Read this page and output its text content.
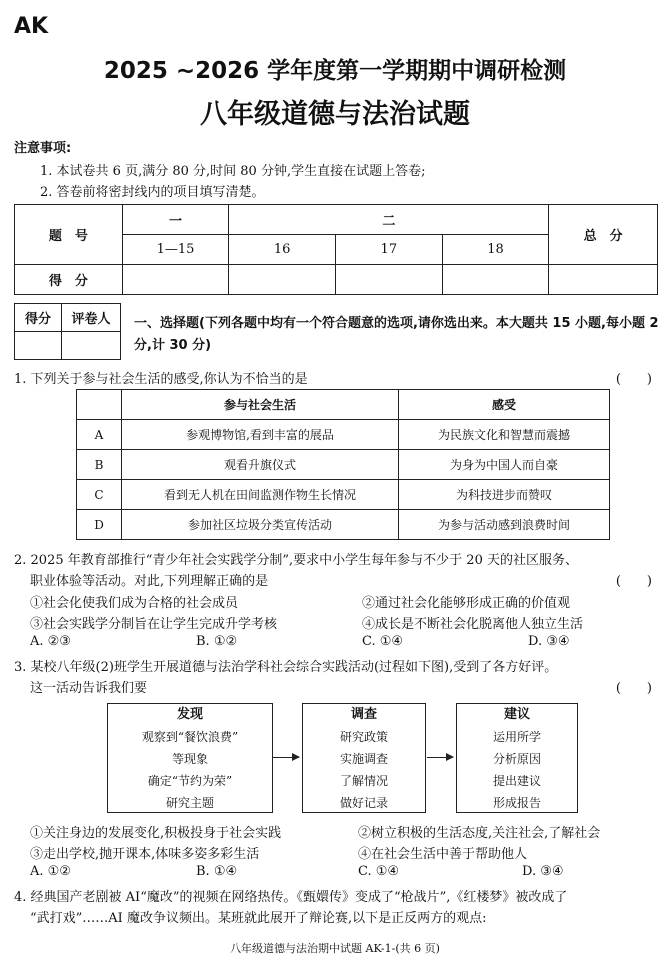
AK
2025 ~2026 学年度第一学期期中调研检测
八年级道德与法治试题
注意事项:
1. 本试卷共 6 页,满分 80 分,时间 80 分钟,学生直接在试题上答卷;
2. 答卷前将密封线内的项目填写清楚。
题　号	一	二			总　分
	1—15	16	17	18	
得　分					
得分	评卷人
	一、选择题(下列各题中均有一个符合题意的选项,请你选出来。本大题共 15 小题,每小题 2 分,计 30 分)
1. 下列关于参与社会生活的感受,你认为不恰当的是	(　　)
	参与社会生活	感受
A	参观博物馆,看到丰富的展品	为民族文化和智慧而震撼
B	观看升旗仪式	为身为中国人而自豪
C	看到无人机在田间监测作物生长情况	为科技进步而赞叹
D	参加社区垃圾分类宣传活动	为参与活动感到浪费时间
2. 2025 年教育部推行“青少年社会实践学分制”,要求中小学生每年参与不少于 20 天的社区服务、
职业体验等活动。对此,下列理解正确的是	(　　)
①社会化使我们成为合格的社会成员	②通过社会化能够形成正确的价值观
③社会实践学分制旨在让学生完成升学考核	④成长是不断社会化脱离他人独立生活
A. ②③	B. ①②	C. ①④	D. ③④
3. 某校八年级(2)班学生开展道德与法治学科社会综合实践活动(过程如下图),受到了各方好评。
这一活动告诉我们要	(　　)
发现
观察到“餐饮浪费”
等现象
确定“节约为荣”
研究主题
调查
研究政策
实施调查
了解情况
做好记录
建议
运用所学
分析原因
提出建议
形成报告
①关注身边的发展变化,积极投身于社会实践	②树立积极的生活态度,关注社会,了解社会
③走出学校,抛开课本,体味多姿多彩生活	④在社会生活中善于帮助他人
A. ①②	B. ①④	C. ①④	D. ③④
4. 经典国产老剧被 AI“魔改”的视频在网络热传。《甄嬛传》变成了“枪战片”,《红楼梦》被改成了
“武打戏”……AI 魔改争议频出。某班就此展开了辩论赛,以下是正反两方的观点:
八年级道德与法治期中试题 AK-1-(共 6 页)
